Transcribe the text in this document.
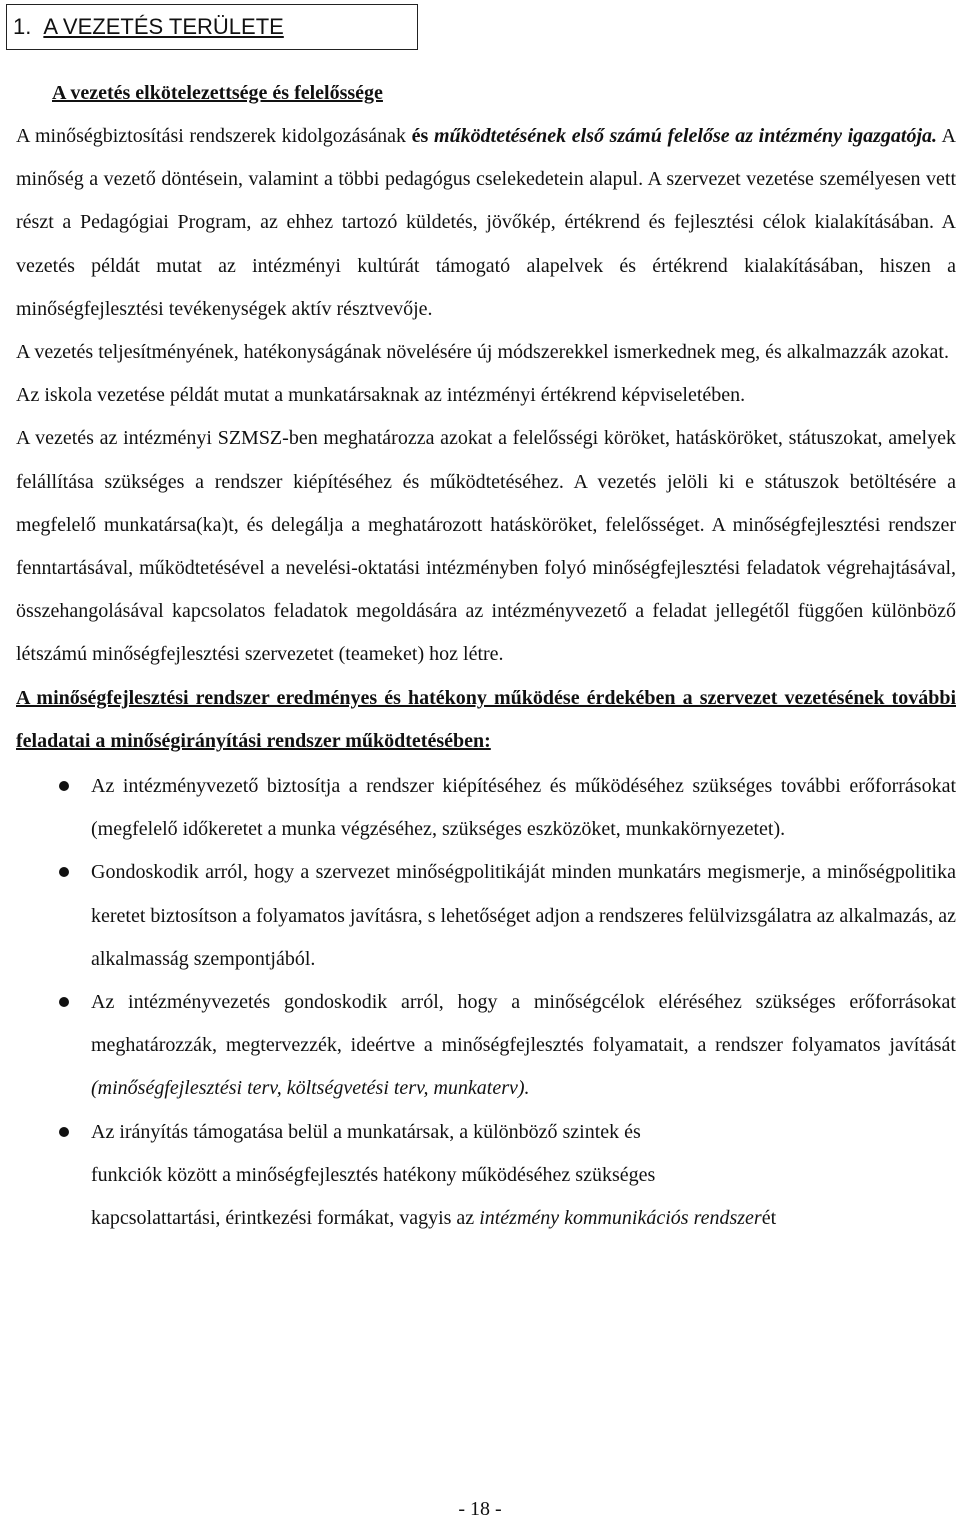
1. A VEZETÉS TERÜLETE
A vezetés elkötelezettsége és felelőssége

A minőségbiztosítási rendszerek kidolgozásának és működtetésének első számú felelőse az intézmény igazgatója. A minőség a vezető döntésein, valamint a többi pedagógus cselekedetein alapul. A szervezet vezetése személyesen vett részt a Pedagógiai Program, az ehhez tartozó küldetés, jövőkép, értékrend és fejlesztési célok kialakításában. A vezetés példát mutat az intézményi kultúrát támogató alapelvek és értékrend kialakításában, hiszen a minőségfejlesztési tevékenységek aktív résztvevője.

A vezetés teljesítményének, hatékonyságának növelésére új módszerekkel ismerkednek meg, és alkalmazzák azokat.

Az iskola vezetése példát mutat a munkatársaknak az intézményi értékrend képviseletében.

A vezetés az intézményi SZMSZ-ben meghatározza azokat a felelősségi köröket, hatásköröket, státuszokat, amelyek felállítása szükséges a rendszer kiépítéséhez és működtetéséhez. A vezetés jelöli ki e státuszok betöltésére a megfelelő munkatársa(ka)t, és delegálja a meghatározott hatásköröket, felelősséget. A minőségfejlesztési rendszer fenntartásával, működtetésével a nevelési-oktatási intézményben folyó minőségfejlesztési feladatok végrehajtásával, összehangolásával kapcsolatos feladatok megoldására az intézményvezető a feladat jellegétől függően különböző létszámú minőségfejlesztési szervezetet (teameket) hoz létre.

A minőségfejlesztési rendszer eredményes és hatékony működése érdekében a szervezet vezetésének további feladatai a minőségirányítási rendszer működtetésében:

Az intézményvezető biztosítja a rendszer kiépítéséhez és működéséhez szükséges további erőforrásokat (megfelelő időkeretet a munka végzéséhez, szükséges eszközöket, munkakörnyezetet).
Gondoskodik arról, hogy a szervezet minőségpolitikáját minden munkatárs megismerje, a minőségpolitika keretet biztosítson a folyamatos javításra, s lehetőséget adjon a rendszeres felülvizsgálatra az alkalmazás, az alkalmasság szempontjából.
Az intézményvezetés gondoskodik arról, hogy a minőségcélok eléréséhez szükséges erőforrásokat meghatározzák, megtervezzék, ideértve a minőségfejlesztés folyamatait, a rendszer folyamatos javítását (minőségfejlesztési terv, költségvetési terv, munkaterv).
Az irányítás támogatása belül a munkatársak, a különböző szintek és
funkciók között a minőségfejlesztés hatékony működéséhez szükséges
kapcsolattartási, érintkezési formákat, vagyis az intézmény kommunikációs rendszerét
- 18 -
